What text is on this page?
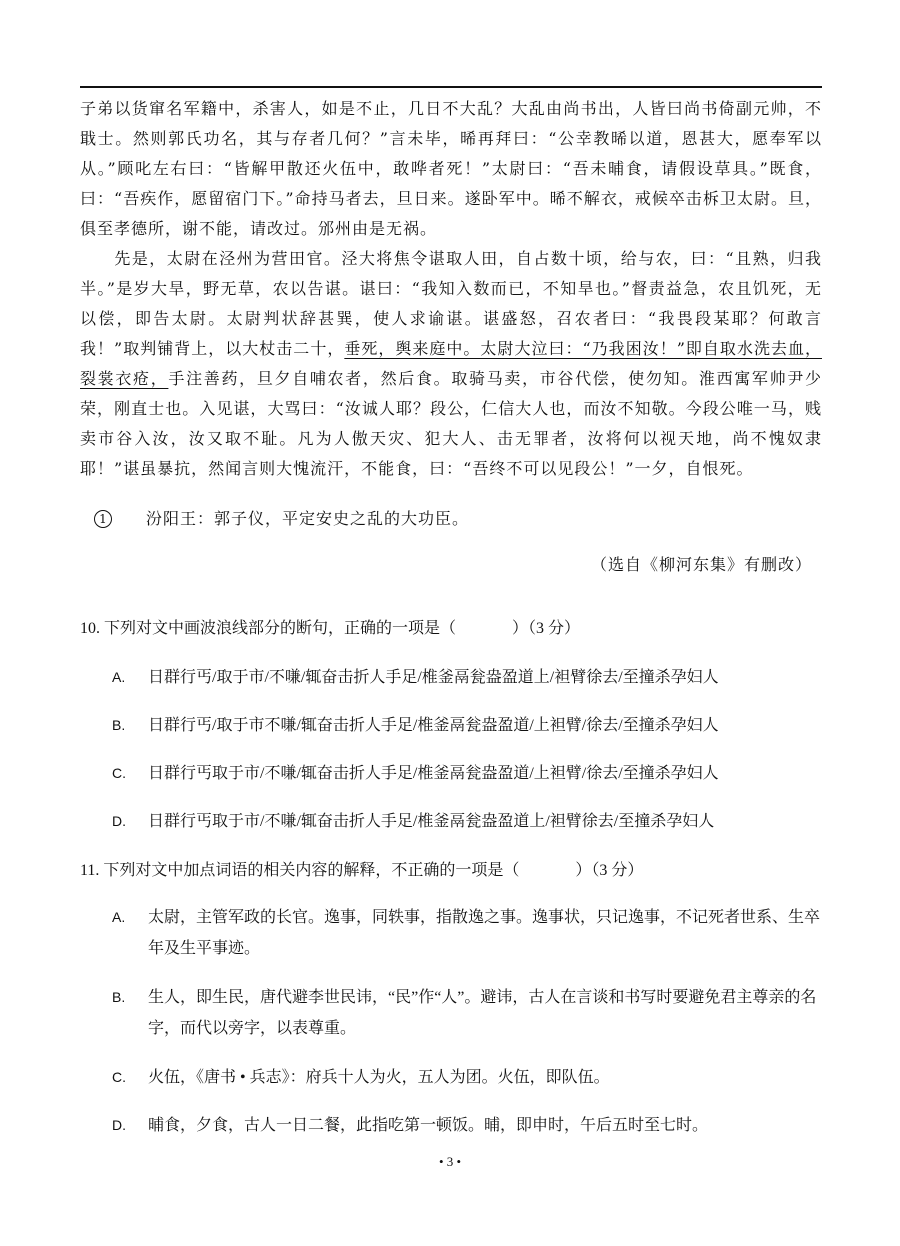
子弟以货窜名军籍中，杀害人，如是不止，几日不大乱？大乱由尚书出，人皆曰尚书倚副元帅，不戢士。然则郭氏功名，其与存者几何？”言未毕，晞再拜曰：“公幸教晞以道，恩甚大，愿奉军以从。”顾叱左右曰：“皆解甲散还火伍中，敢哗者死！”太尉曰：“吾未晡食，请假设草具。”既食，曰：“吾疾作，愿留宿门下。”命持马者去，旦日来。遂卧军中。晞不解衣，戒候卒击柝卫太尉。旦，俱至孝德所，谢不能，请改过。邠州由是无祸。

先是，太尉在泾州为营田官。泾大将焦令谌取人田，自占数十顷，给与农，曰：“且熟，归我半。”是岁大旱，野无草，农以告谌。谌曰：“我知入数而已，不知旱也。”督责益急，农且饥死，无以偿，即告太尉。太尉判状辞甚巽，使人求谕谌。谌盛怒，召农者曰：“我畏段某耶？何敢言我！”取判铺背上，以大杖击二十，垂死，舆来庭中。太尉大泣曰：“乃我困汝！”即自取水洗去血，裂裳衣疮，手注善药，旦夕自哺农者，然后食。取骑马卖，市谷代偿，使勿知。淮西寓军帅尹少荣，刚直士也。入见谌，大骂曰：“汝诚人耶？段公，仁信大人也，而汝不知敬。今段公唯一马，贱卖市谷入汝，汝又取不耻。凡为人傲天灾、犯大人、击无罪者，汝将何以视天地，尚不愧奴隶耶！”谌虽暴抗，然闻言则大愧流汗，不能食，曰：“吾终不可以见段公！”一夕，自恨死。

1 汾阳王：郭子仪，平定安史之乱的大功臣。
（选自《柳河东集》有删改）
10. 下列对文中画波浪线部分的断句，正确的一项是（	）（3 分）
A. 日群行丐/取于市/不嗛/辄奋击折人手足/椎釜鬲瓮盎盈道上/袒臂徐去/至撞杀孕妇人
B. 日群行丐/取于市不嗛/辄奋击折人手足/椎釜鬲瓮盎盈道/上袒臂/徐去/至撞杀孕妇人
C. 日群行丐取于市/不嗛/辄奋击折人手足/椎釜鬲瓮盎盈道/上袒臂/徐去/至撞杀孕妇人
D. 日群行丐取于市/不嗛/辄奋击折人手足/椎釜鬲瓮盎盈道上/袒臂徐去/至撞杀孕妇人
11. 下列对文中加点词语的相关内容的解释，不正确的一项是（	）（3 分）
A. 太尉，主管军政的长官。逸事，同轶事，指散逸之事。逸事状，只记逸事，不记死者世系、生卒年及生平事迹。
B. 生人，即生民，唐代避李世民讳，“民”作“人”。避讳，古人在言谈和书写时要避免君主尊亲的名字，而代以旁字，以表尊重。
C. 火伍，《唐书 • 兵志》：府兵十人为火，五人为团。火伍，即队伍。
D. 晡食，夕食，古人一日二餐，此指吃第一顿饭。晡，即申时，午后五时至七时。
• 3 •
